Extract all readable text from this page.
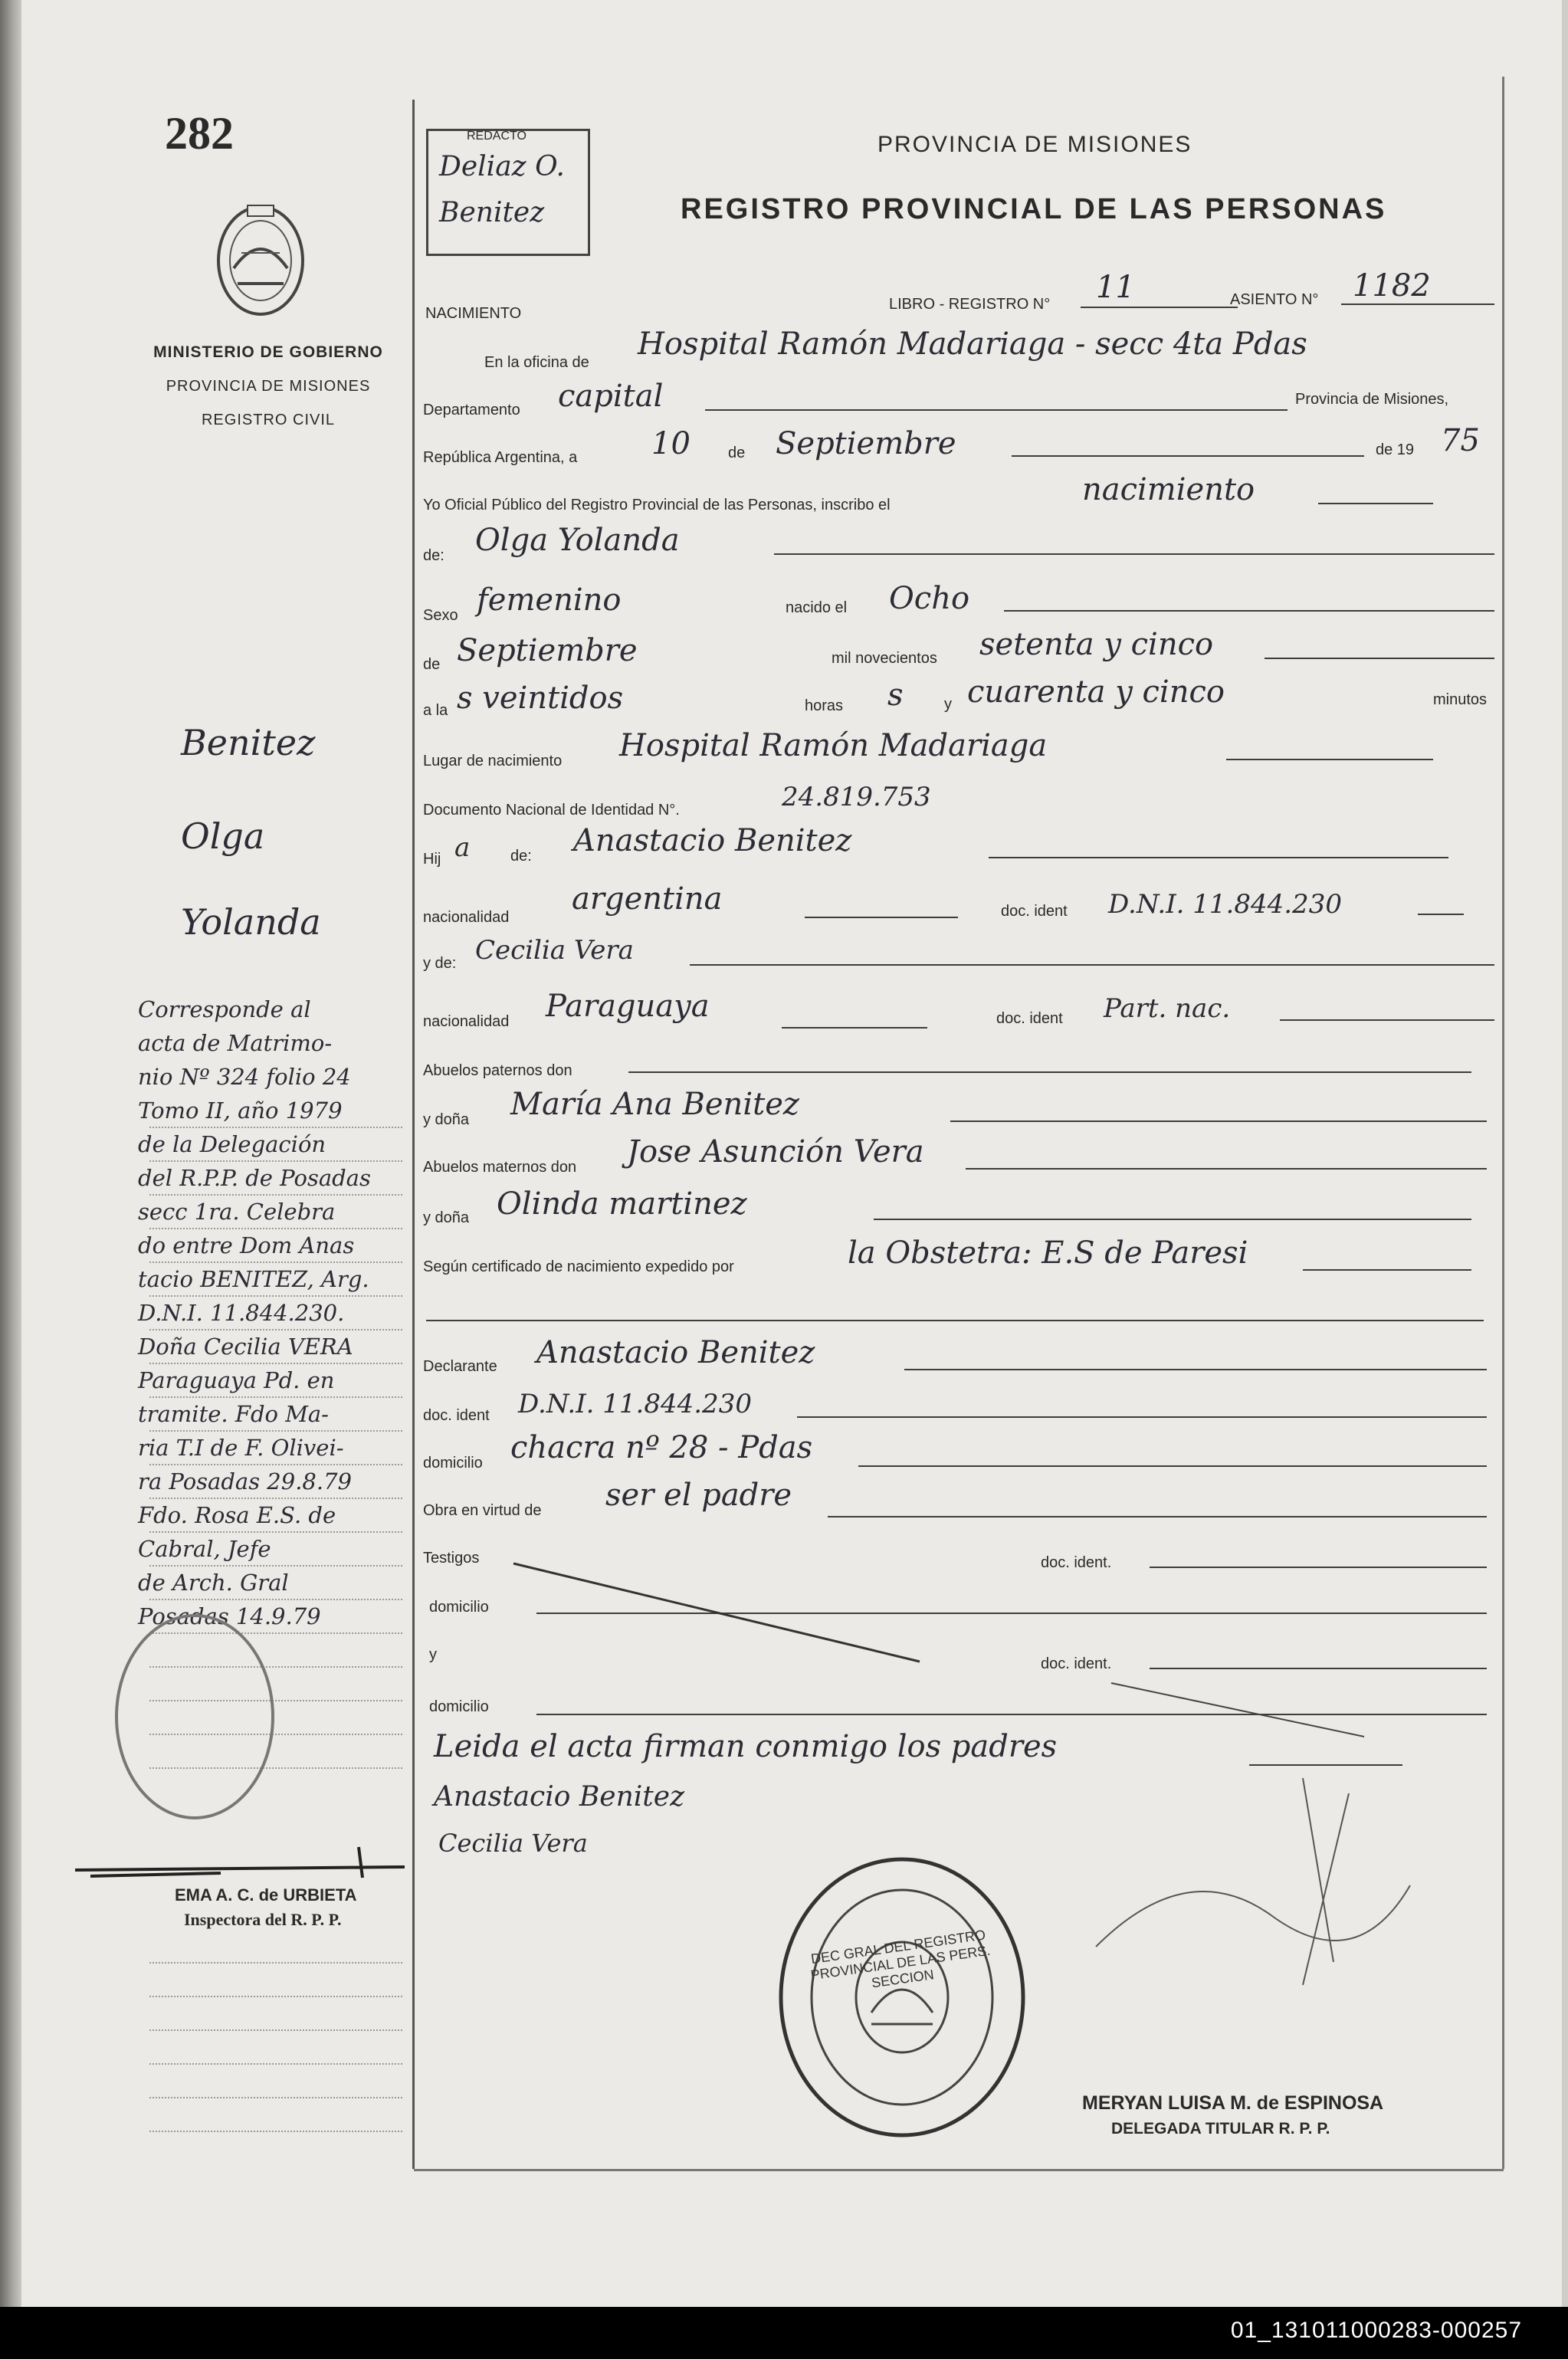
282
MINISTERIO DE GOBIERNO
PROVINCIA DE MISIONES
REGISTRO CIVIL
REDACTO
Deliaz O.
Benitez
PROVINCIA DE MISIONES
REGISTRO PROVINCIAL DE LAS PERSONAS
NACIMIENTO
LIBRO - REGISTRO N° 11	ASIENTO N° 1182
En la oficina de
Hospital Ramón Madariaga - secc 4ta Pdas
Departamento capital	Provincia de Misiones,
República Argentina, a 10 de Septiembre	de 19 75
Yo Oficial Público del Registro Provincial de las Personas, inscribo el	nacimiento
de: Olga Yolanda
Sexo femenino	nacido el Ocho
de Septiembre	mil novecientos setenta y cinco
a la s veintidos	horas s	y cuarenta y cinco	minutos
Lugar de nacimiento Hospital Ramón Madariaga
Documento Nacional de Identidad N°.	24.819.753
Hij a	de: Anastacio Benitez
nacionalidad
argentina	doc. ident D.N.I. 11.844.230
y de: Cecilia Vera
nacionalidad Paraguaya	doc. ident Part. nac.
Abuelos paternos don
y doña María Ana Benitez
Abuelos maternos don Jose Asunción Vera
y doña Olinda martinez
Según certificado de nacimiento expedido por	la Obstetra: E.S de Paresi
Declarante Anastacio Benitez
doc. ident D.N.I. 11.844.230
domicilio chacra nº 28 - Pdas
Obra en virtud de ser el padre
Testigos	doc. ident.
domicilio
y
doc. ident.
domicilio
Leida el acta firman conmigo los padres
Anastacio Benitez
Cecilia Vera
Benitez
Olga
Yolanda
Corresponde al
acta de Matrimo-
nio Nº 324 folio 24
Tomo II, año 1979
de la Delegación
del R.P.P. de Posadas
secc 1ra. Celebra
do entre Dom Anas
tacio BENITEZ, Arg.
D.N.I. 11.844.230.
Doña Cecilia VERA
Paraguaya Pd. en
tramite. Fdo Ma-
ria T.I de F. Olivei-
ra Posadas 29.8.79
Fdo. Rosa E.S. de
Cabral, Jefe
de Arch. Gral
Posadas 14.9.79
EMA A. C. de URBIETA
Inspectora del R. P. P.
DEC GRAL DEL REGISTRO PROVINCIAL DE LAS PERS. SECCION
MERYAN LUISA M. de ESPINOSA
DELEGADA TITULAR R. P. P.
01_131011000283-000257
